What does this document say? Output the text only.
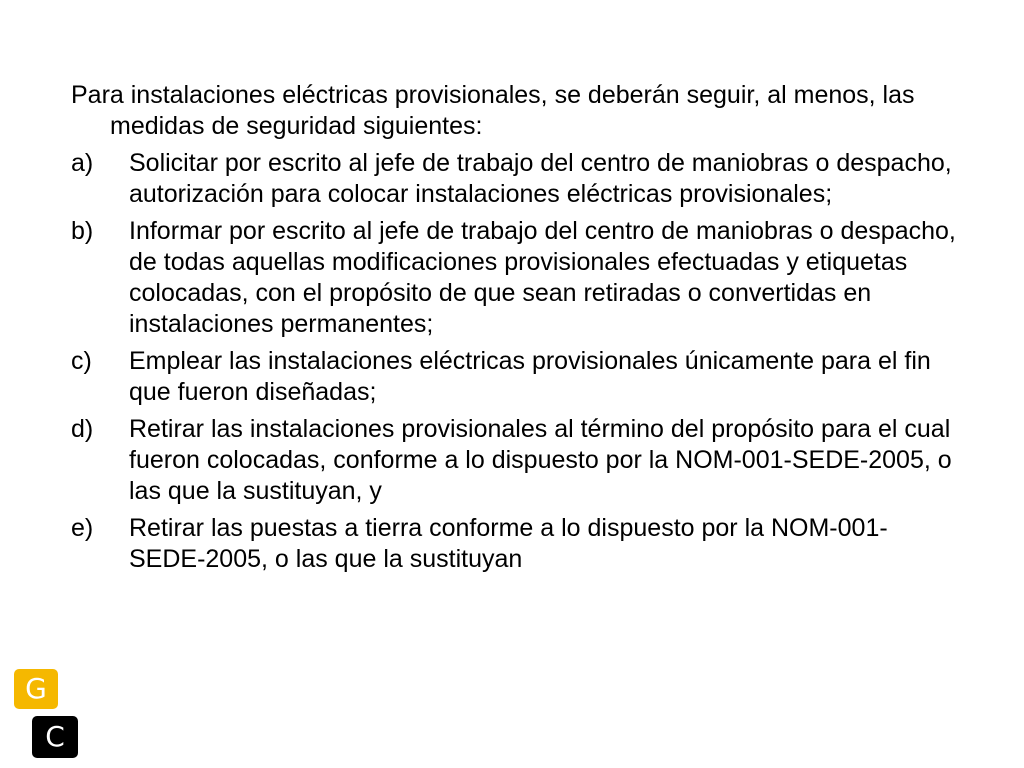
Para instalaciones eléctricas provisionales, se deberán seguir, al menos, las medidas de seguridad siguientes:

a)	Solicitar por escrito al jefe de trabajo del centro de maniobras o despacho, autorización para colocar instalaciones eléctricas provisionales;
b)	Informar por escrito al jefe de trabajo del centro de maniobras o despacho, de todas aquellas modificaciones provisionales efectuadas y etiquetas colocadas, con el propósito de que sean retiradas o convertidas en instalaciones permanentes;
c)	Emplear las instalaciones eléctricas provisionales únicamente para el fin que fueron diseñadas;
d)	Retirar las instalaciones provisionales al término del propósito para el cual fueron colocadas, conforme a lo dispuesto por la NOM-001-SEDE-2005, o las que la sustituyan, y
e)	Retirar las puestas a tierra conforme a lo dispuesto por la NOM-001-SEDE-2005, o las que la sustituyan
G
C
